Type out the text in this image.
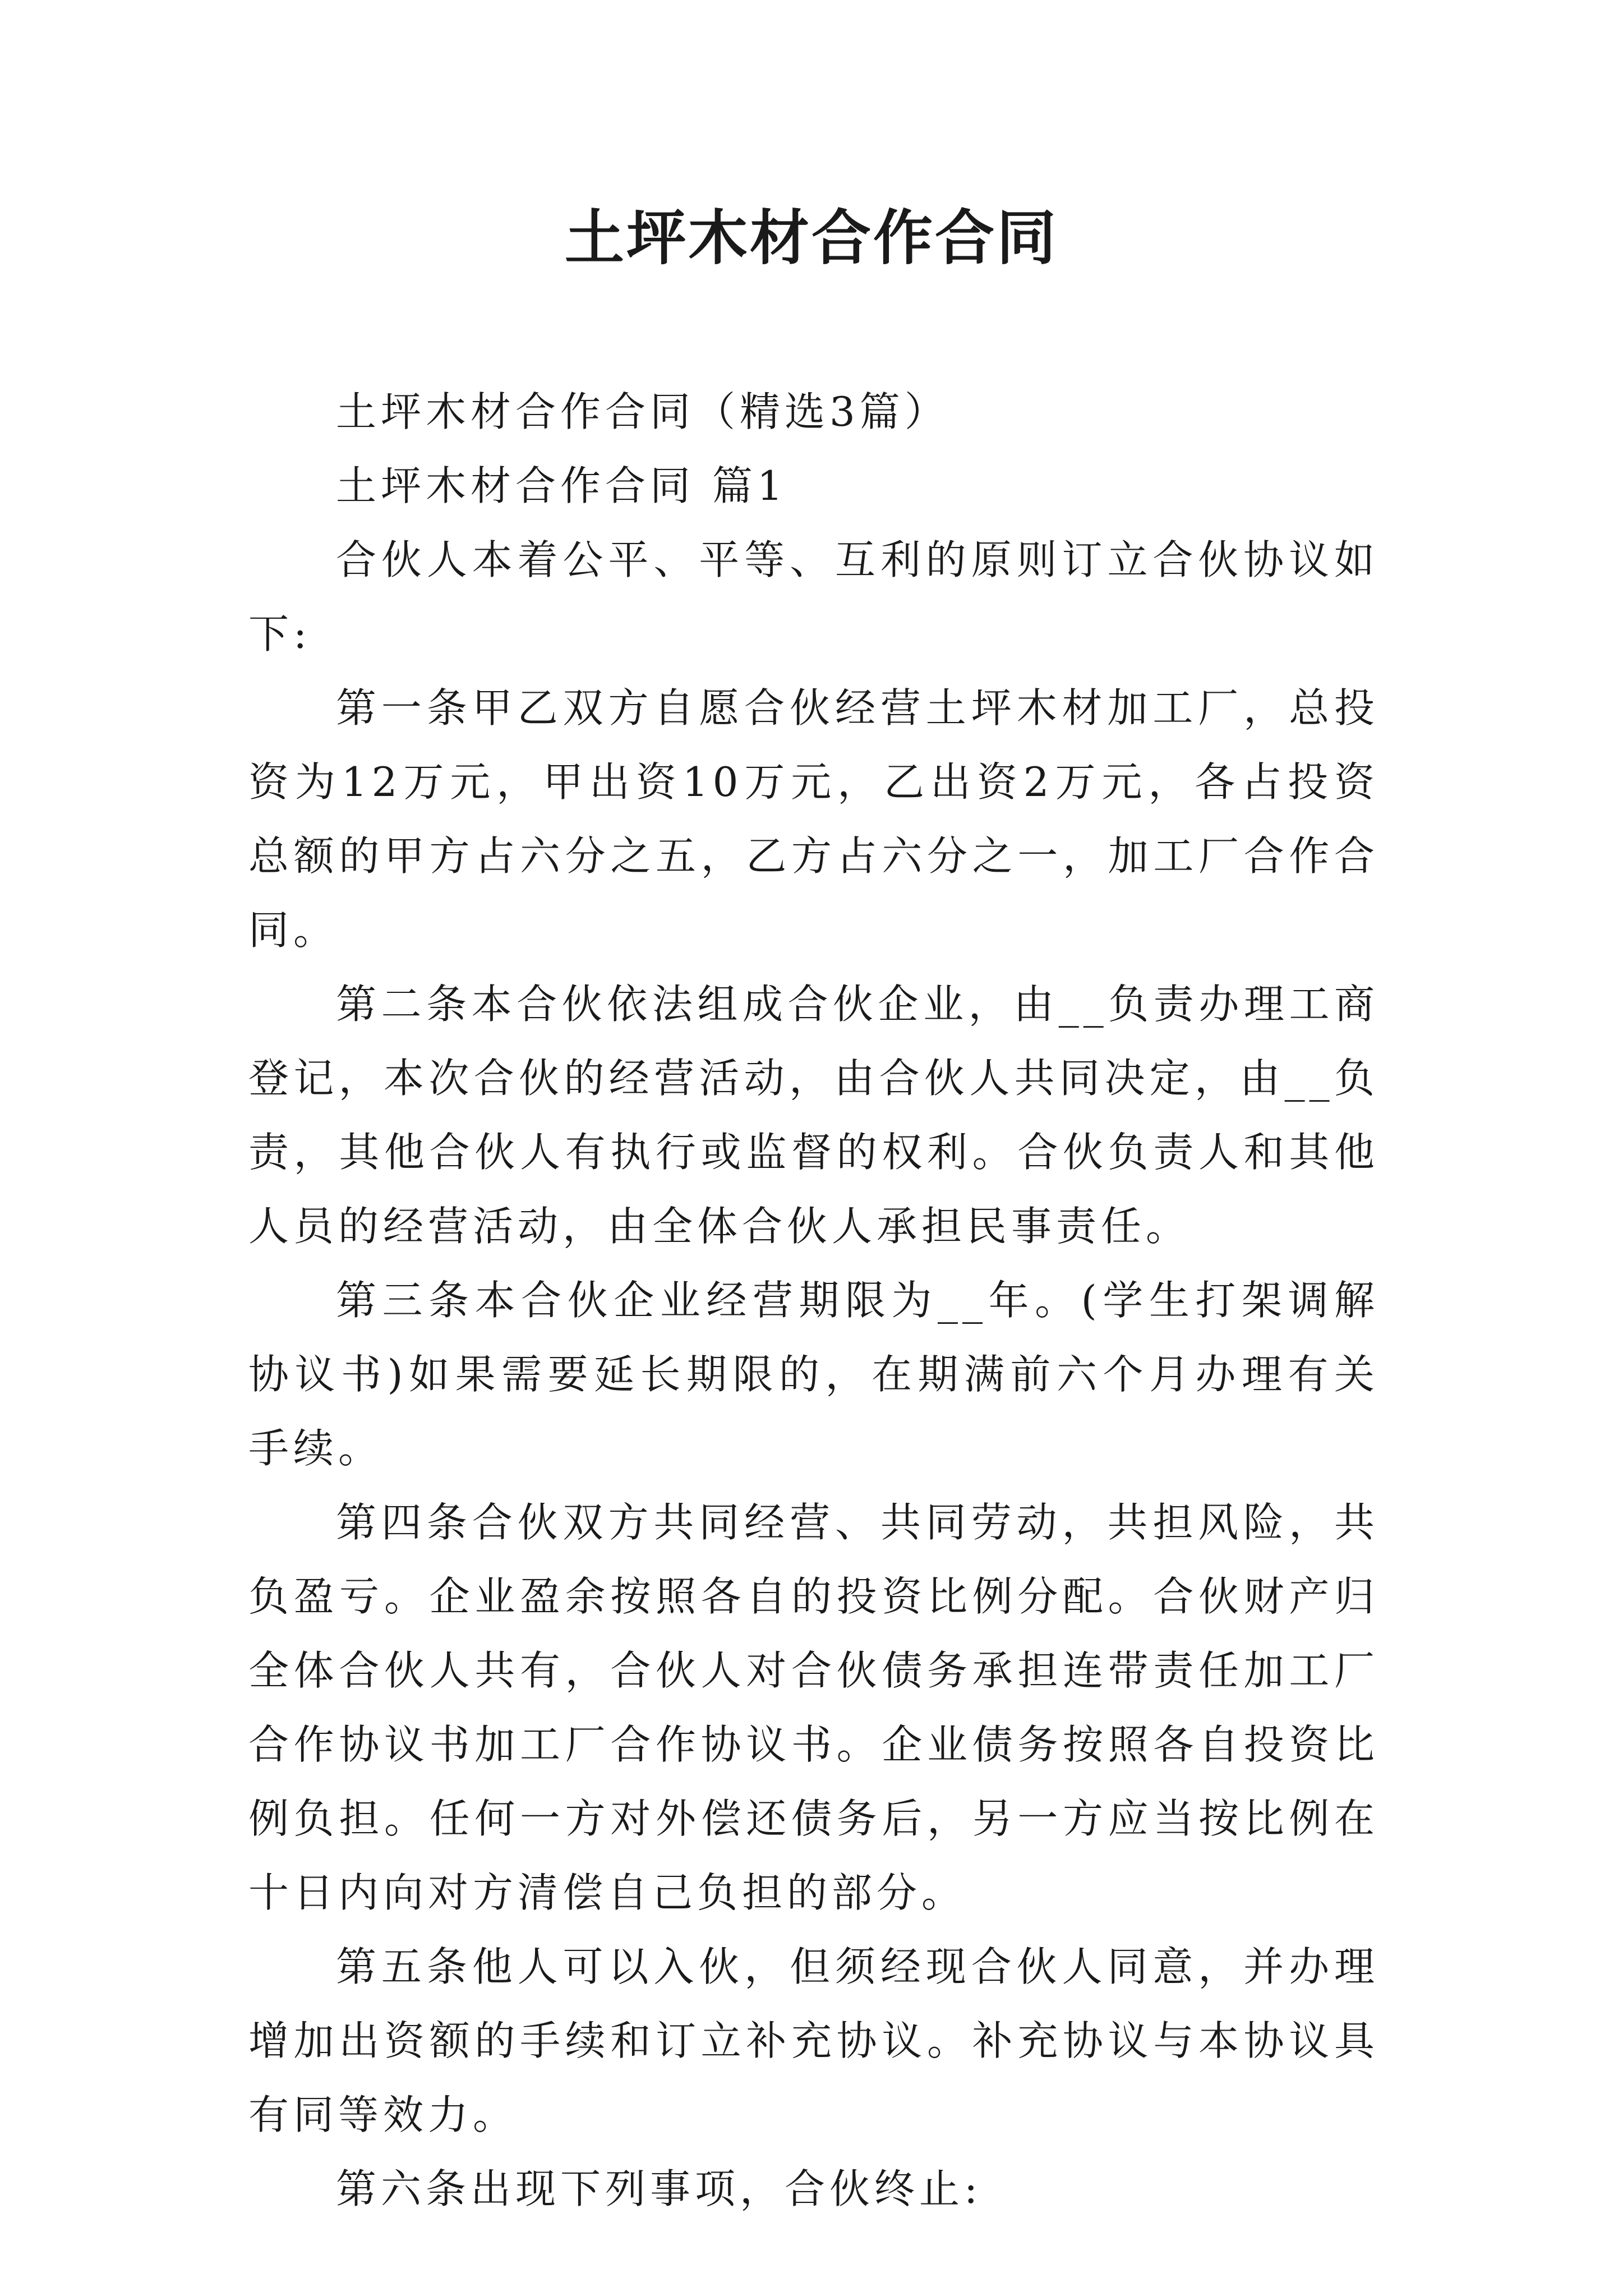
土坪木材合作合同

土坪木材合作合同（精选3篇）

土坪木材合作合同 篇1

合伙人本着公平、平等、互利的原则订立合伙协议如下:

第一条甲乙双方自愿合伙经营土坪木材加工厂，总投资为12万元，甲出资10万元，乙出资2万元，各占投资总额的甲方占六分之五，乙方占六分之一，加工厂合作合同。

第二条本合伙依法组成合伙企业，由__负责办理工商登记，本次合伙的经营活动，由合伙人共同决定，由__负责，其他合伙人有执行或监督的权利。合伙负责人和其他人员的经营活动，由全体合伙人承担民事责任。

第三条本合伙企业经营期限为__年。(学生打架调解协议书)如果需要延长期限的，在期满前六个月办理有关手续。

第四条合伙双方共同经营、共同劳动，共担风险，共负盈亏。企业盈余按照各自的投资比例分配。合伙财产归全体合伙人共有，合伙人对合伙债务承担连带责任加工厂合作协议书加工厂合作协议书。企业债务按照各自投资比例负担。任何一方对外偿还债务后，另一方应当按比例在十日内向对方清偿自己负担的部分。

第五条他人可以入伙，但须经现合伙人同意，并办理增加出资额的手续和订立补充协议。补充协议与本协议具有同等效力。

第六条出现下列事项，合伙终止:
